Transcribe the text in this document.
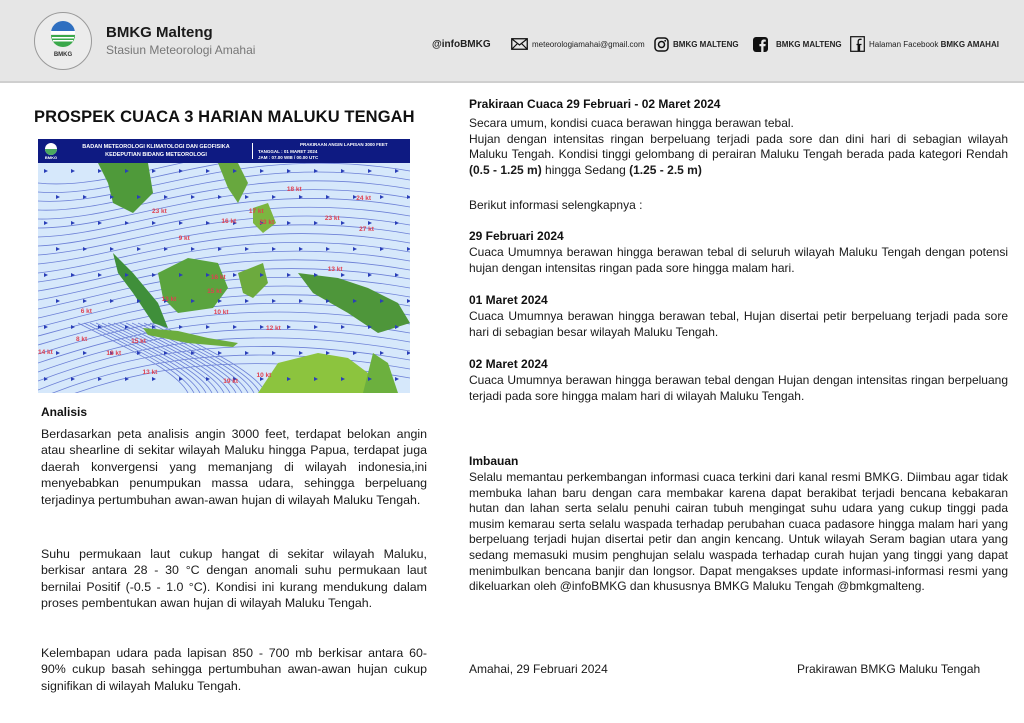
BMKG
BMKG Malteng
Stasiun Meteorologi Amahai	@infoBMKG	meteorologiamahai@gmail.com	BMKG MALTENG	BMKG MALTENG	Halaman Facebook BMKG AMAHAI
PROSPEK CUACA 3 HARIAN MALUKU TENGAH
BMKG
BADAN METEOROLOGI KLIMATOLOGI DAN GEOFISIKA
KEDEPUTIAN BIDANG METEOROLOGI
PRAKIRAAN ANGIN LAPISAN 3000 FEET
TANGGAL : 01 MARET 2024
JAM : 07.00 WIB / 00.00 UTC
18 kt
24 kt
17 kt
23 kt
23 kt
16 kt
23 kt
27 kt
13 kt
9 kt
16 kt
13 kt
15 kt
10 kt
15 kt
8 kt
6 kt
12 kt
18 kt
13 kt	10 kt
19 kt
14 kt
Analisis
Berdasarkan peta analisis angin 3000 feet, terdapat belokan angin atau shearline di sekitar wilayah Maluku hingga Papua, terdapat juga daerah konvergensi yang memanjang di wilayah indonesia,ini menyebabkan penumpukan massa udara, sehingga berpeluang terjadinya pertumbuhan awan-awan hujan di wilayah Maluku Tengah.
Suhu permukaan laut cukup hangat di sekitar wilayah Maluku, berkisar antara 28 - 30 °C dengan anomali suhu permukaan laut bernilai Positif (-0.5 - 1.0 °C). Kondisi ini kurang mendukung dalam proses pembentukan awan hujan di wilayah Maluku Tengah.
Kelembapan udara pada lapisan 850 - 700 mb berkisar antara 60-90% cukup basah sehingga pertumbuhan awan-awan hujan cukup signifikan di wilayah Maluku Tengah.
Prakiraan Cuaca 29 Februari - 02 Maret 2024
Secara umum, kondisi cuaca berawan hingga berawan tebal.
Hujan dengan intensitas ringan berpeluang terjadi pada sore dan dini hari di sebagian wilayah Maluku Tengah. Kondisi tinggi gelombang di perairan Maluku Tengah berada pada kategori Rendah (0.5 - 1.25 m) hingga Sedang (1.25 - 2.5 m)
Berikut informasi selengkapnya :
29 Februari 2024
Cuaca Umumnya berawan hingga berawan tebal di seluruh wilayah Maluku Tengah dengan potensi hujan dengan intensitas ringan pada sore hingga malam hari.
01 Maret 2024
Cuaca Umumnya berawan hingga berawan tebal, Hujan disertai petir berpeluang terjadi pada sore hari di sebagian besar wilayah Maluku Tengah.
02 Maret 2024
Cuaca Umumnya berawan hingga berawan tebal dengan Hujan dengan intensitas ringan berpeluang terjadi pada sore hingga malam hari di wilayah Maluku Tengah.
Imbauan
Selalu memantau perkembangan informasi cuaca terkini dari kanal resmi BMKG. Diimbau agar tidak membuka lahan baru dengan cara membakar karena dapat berakibat terjadi bencana kebakaran hutan dan lahan serta selalu penuhi cairan tubuh mengingat suhu udara yang cukup tinggi pada musim kemarau serta selalu waspada terhadap perubahan cuaca padasore hingga malam hari yang berpeluang terjadi hujan disertai petir dan angin kencang. Untuk wilayah Seram bagian utara yang sedang memasuki musim penghujan selalu waspada terhadap curah hujan yang tinggi yang dapat menimbulkan bencana banjir dan longsor. Dapat mengakses update informasi-informasi resmi yang dikeluarkan oleh @infoBMKG dan khususnya BMKG Maluku Tengah @bmkgmalteng.
Amahai, 29 Februari 2024	Prakirawan BMKG Maluku Tengah
